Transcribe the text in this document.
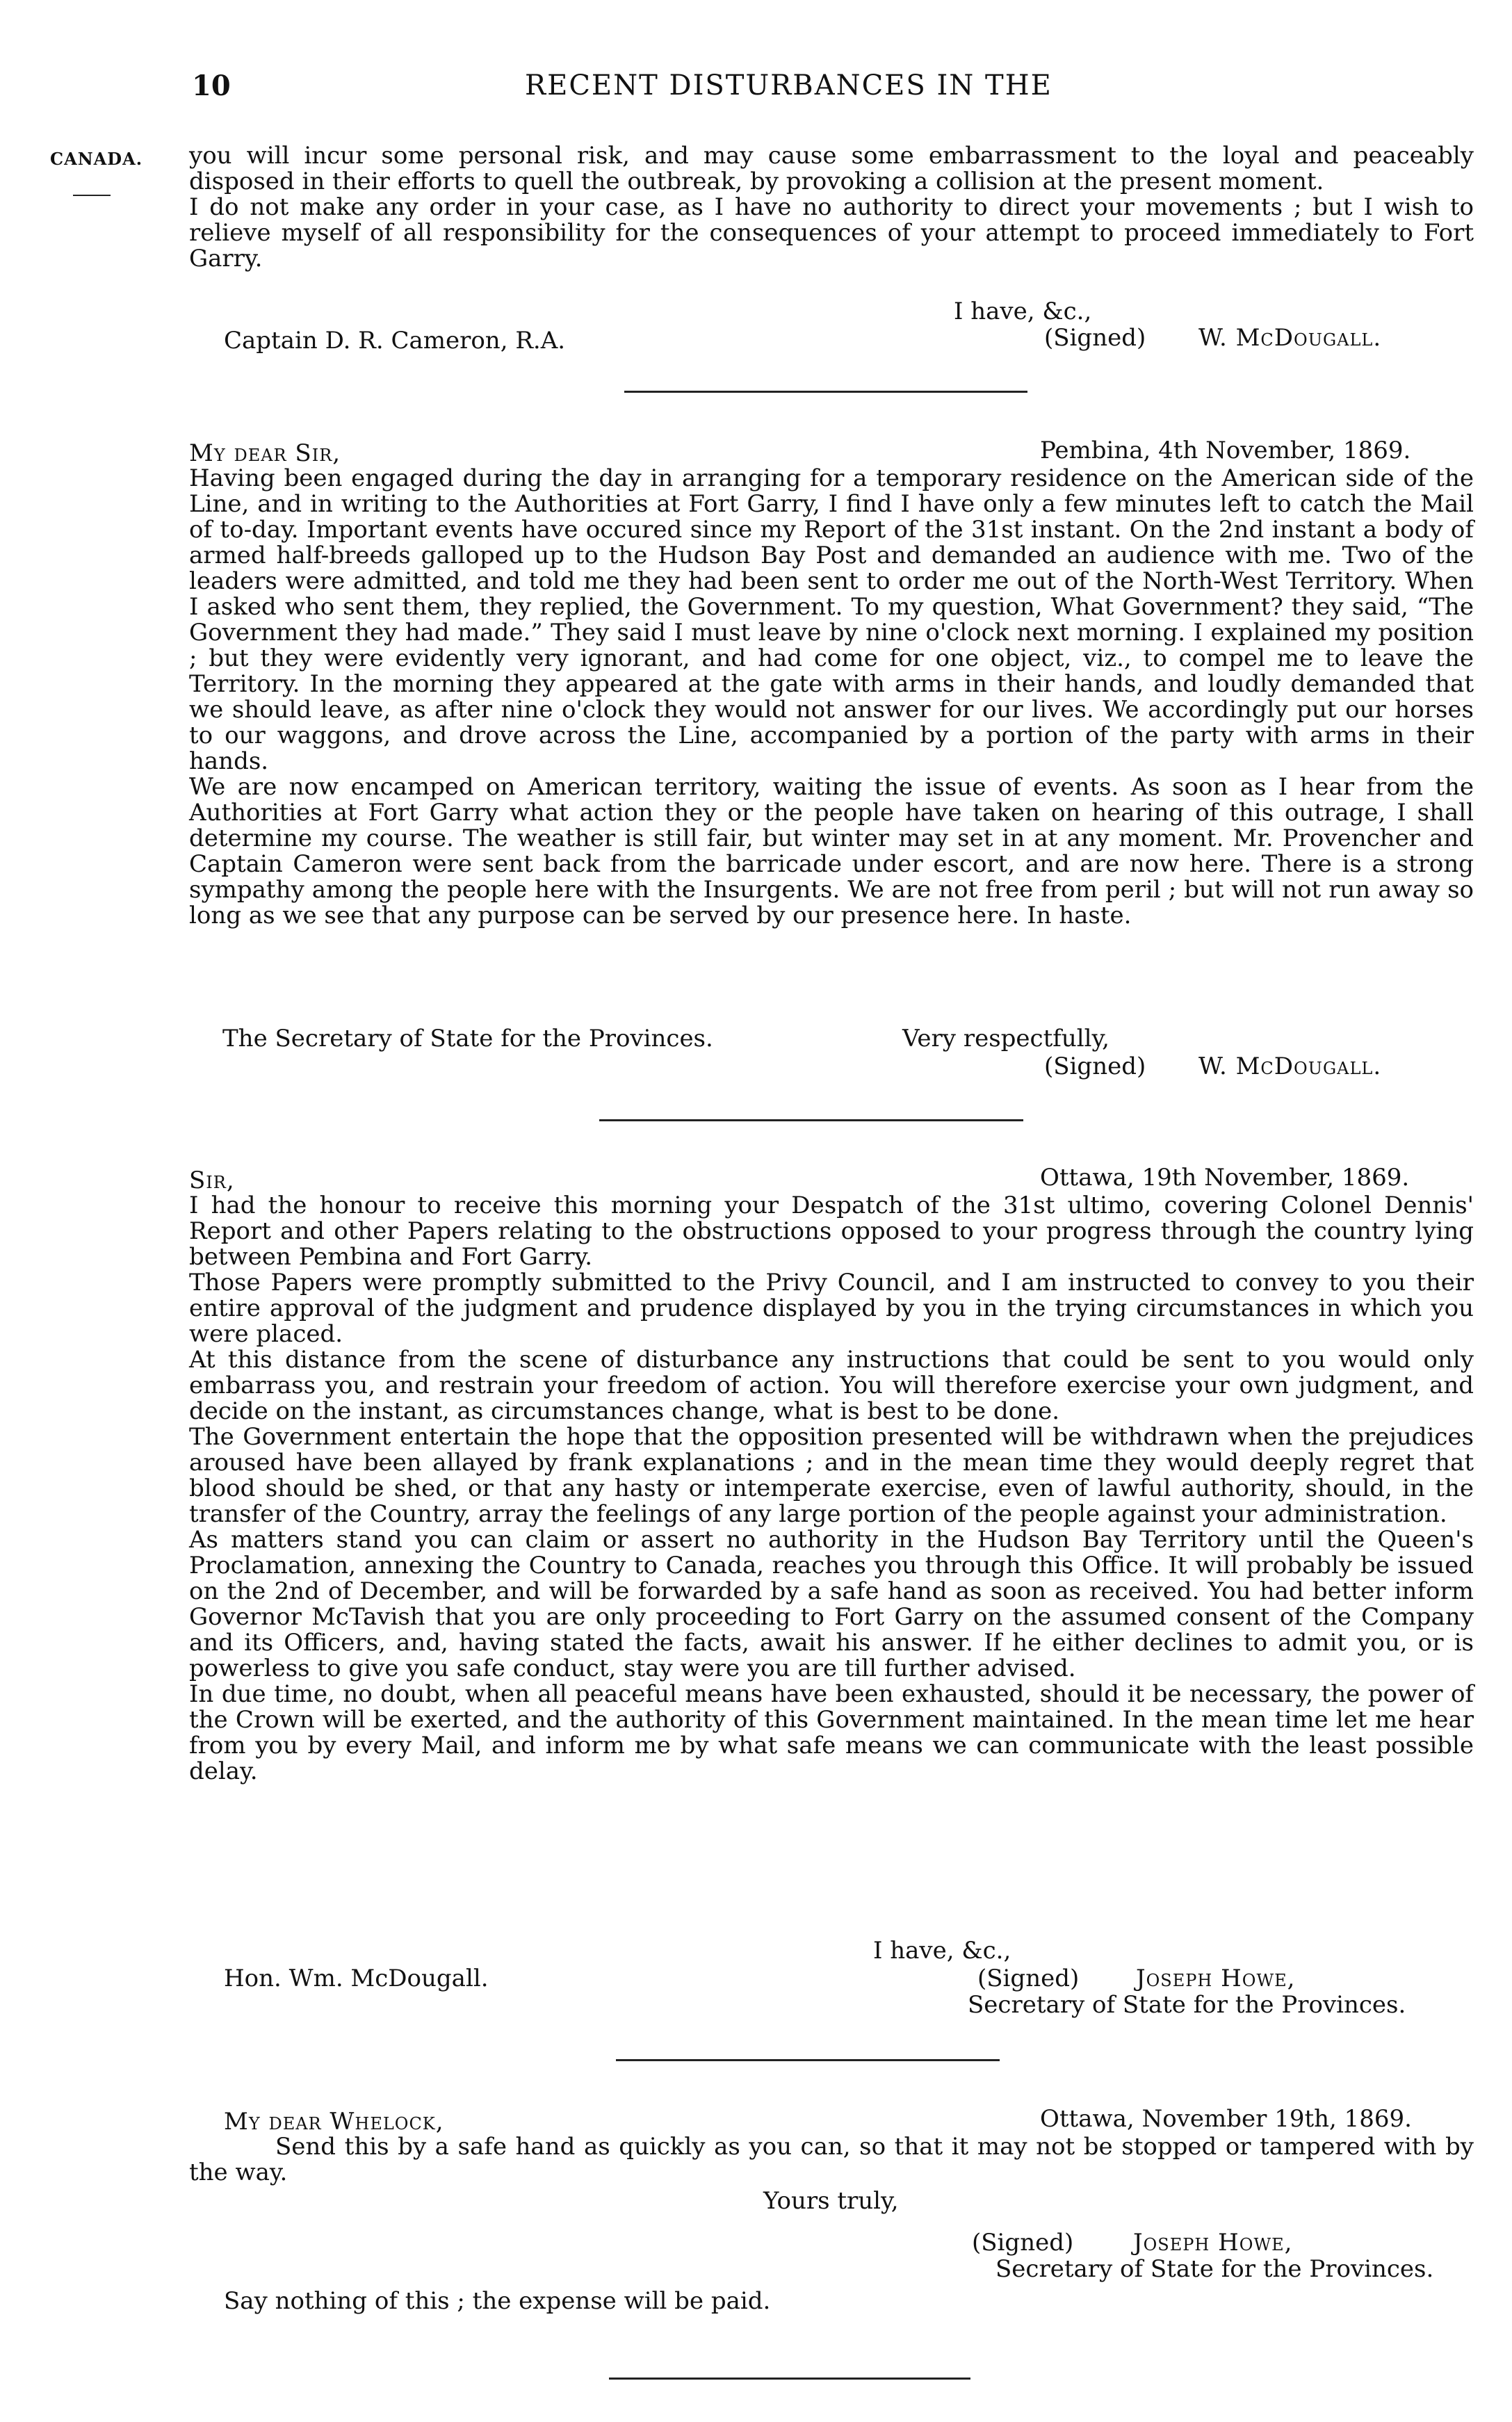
10	RECENT DISTURBANCES IN THE
CANADA. you will incur some personal risk, and may cause some embarrassment to the loyal and peaceably disposed in their efforts to quell the outbreak, by provoking a collision at the present moment.

I do not make any order in your case, as I have no authority to direct your movements ; but I wish to relieve myself of all responsibility for the consequences of your attempt to proceed immediately to Fort Garry.

I have, &c.,
Captain D. R. Cameron, R.A.	(Signed) W. McDougall.
My dear Sir,	Pembina, 4th November, 1869.

Having been engaged during the day in arranging for a temporary residence on the American side of the Line, and in writing to the Authorities at Fort Garry, I find I have only a few minutes left to catch the Mail of to-day. Important events have occured since my Report of the 31st instant. On the 2nd instant a body of armed half-breeds galloped up to the Hudson Bay Post and demanded an audience with me. Two of the leaders were admitted, and told me they had been sent to order me out of the North-West Territory. When I asked who sent them, they replied, the Government. To my question, What Government? they said, “The Government they had made.” They said I must leave by nine o'clock next morning. I explained my position ; but they were evidently very ignorant, and had come for one object, viz., to compel me to leave the Territory. In the morning they appeared at the gate with arms in their hands, and loudly demanded that we should leave, as after nine o'clock they would not answer for our lives. We accordingly put our horses to our waggons, and drove across the Line, accompanied by a portion of the party with arms in their hands.

We are now encamped on American territory, waiting the issue of events. As soon as I hear from the Authorities at Fort Garry what action they or the people have taken on hearing of this outrage, I shall determine my course. The weather is still fair, but winter may set in at any moment. Mr. Provencher and Captain Cameron were sent back from the barricade under escort, and are now here. There is a strong sympathy among the people here with the Insurgents. We are not free from peril ; but will not run away so long as we see that any purpose can be served by our presence here. In haste.

The Secretary of State for the Provinces.	Very respectfully,
(Signed) W. McDougall.
Sir,	Ottawa, 19th November, 1869.

I had the honour to receive this morning your Despatch of the 31st ultimo, covering Colonel Dennis' Report and other Papers relating to the obstructions opposed to your progress through the country lying between Pembina and Fort Garry.

Those Papers were promptly submitted to the Privy Council, and I am instructed to convey to you their entire approval of the judgment and prudence displayed by you in the trying circumstances in which you were placed.

At this distance from the scene of disturbance any instructions that could be sent to you would only embarrass you, and restrain your freedom of action. You will therefore exercise your own judgment, and decide on the instant, as circumstances change, what is best to be done.

The Government entertain the hope that the opposition presented will be withdrawn when the prejudices aroused have been allayed by frank explanations ; and in the mean time they would deeply regret that blood should be shed, or that any hasty or intemperate exercise, even of lawful authority, should, in the transfer of the Country, array the feelings of any large portion of the people against your administration.

As matters stand you can claim or assert no authority in the Hudson Bay Territory until the Queen's Proclamation, annexing the Country to Canada, reaches you through this Office. It will probably be issued on the 2nd of December, and will be forwarded by a safe hand as soon as received. You had better inform Governor McTavish that you are only proceeding to Fort Garry on the assumed consent of the Company and its Officers, and, having stated the facts, await his answer. If he either declines to admit you, or is powerless to give you safe conduct, stay were you are till further advised.

In due time, no doubt, when all peaceful means have been exhausted, should it be necessary, the power of the Crown will be exerted, and the authority of this Government maintained. In the mean time let me hear from you by every Mail, and inform me by what safe means we can communicate with the least possible delay.

I have, &c.,
Hon. Wm. McDougall.	(Signed) Joseph Howe,
Secretary of State for the Provinces.
My dear Whelock,	Ottawa, November 19th, 1869.

Send this by a safe hand as quickly as you can, so that it may not be stopped or tampered with by the way.

Yours truly,
(Signed)	Joseph Howe,
Secretary of State for the Provinces.
Say nothing of this ; the expense will be paid.
